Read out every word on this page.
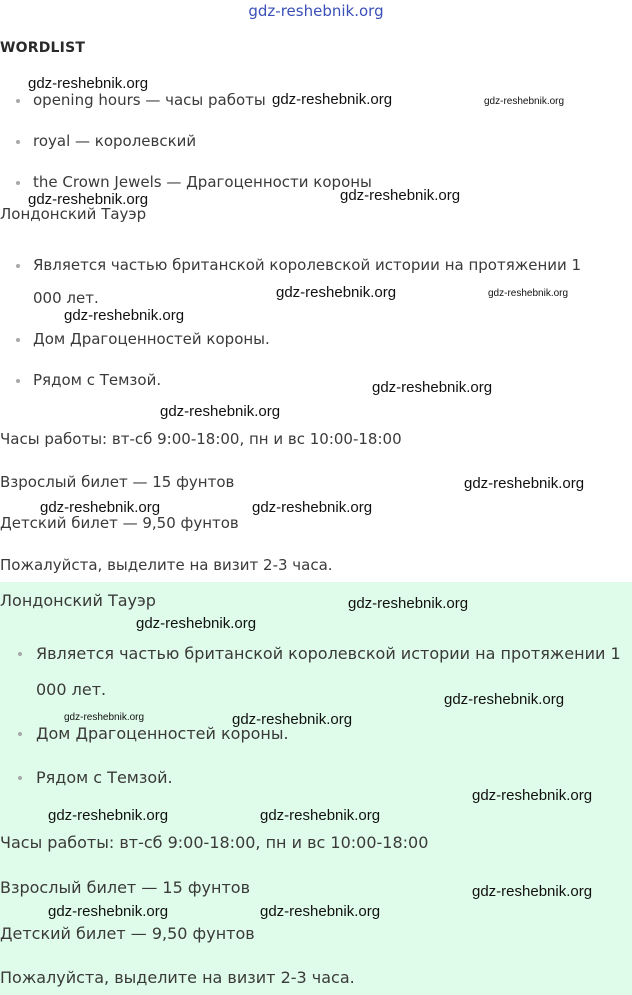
gdz-reshebnik.org
WORDLIST
opening hours — часы работы
royal — королевский
the Crown Jewels — Драгоценности короны
Лондонский Тауэр
Является частью британской королевской истории на протяжении 1 000 лет.
Дом Драгоценностей короны.
Рядом с Темзой.
Часы работы: вт-сб 9:00-18:00, пн и вс 10:00-18:00
Взрослый билет — 15 фунтов
Детский билет — 9,50 фунтов
Пожалуйста, выделите на визит 2-3 часа.
Лондонский Тауэр
Является частью британской королевской истории на протяжении 1 000 лет.
Дом Драгоценностей короны.
Рядом с Темзой.
Часы работы: вт-сб 9:00-18:00, пн и вс 10:00-18:00
Взрослый билет — 15 фунтов
Детский билет — 9,50 фунтов
Пожалуйста, выделите на визит 2-3 часа.
gdz-reshebnik.org
gdz-reshebnik.org	gdz-reshebnik.org
gdz-reshebnik.org	gdz-reshebnik.org
gdz-reshebnik.org	gdz-reshebnik.org
gdz-reshebnik.org
gdz-reshebnik.org
gdz-reshebnik.org
gdz-reshebnik.org
gdz-reshebnik.org	gdz-reshebnik.org
gdz-reshebnik.org
gdz-reshebnik.org
gdz-reshebnik.org
gdz-reshebnik.org	gdz-reshebnik.org
gdz-reshebnik.org
gdz-reshebnik.org	gdz-reshebnik.org
gdz-reshebnik.org
gdz-reshebnik.org	gdz-reshebnik.org
